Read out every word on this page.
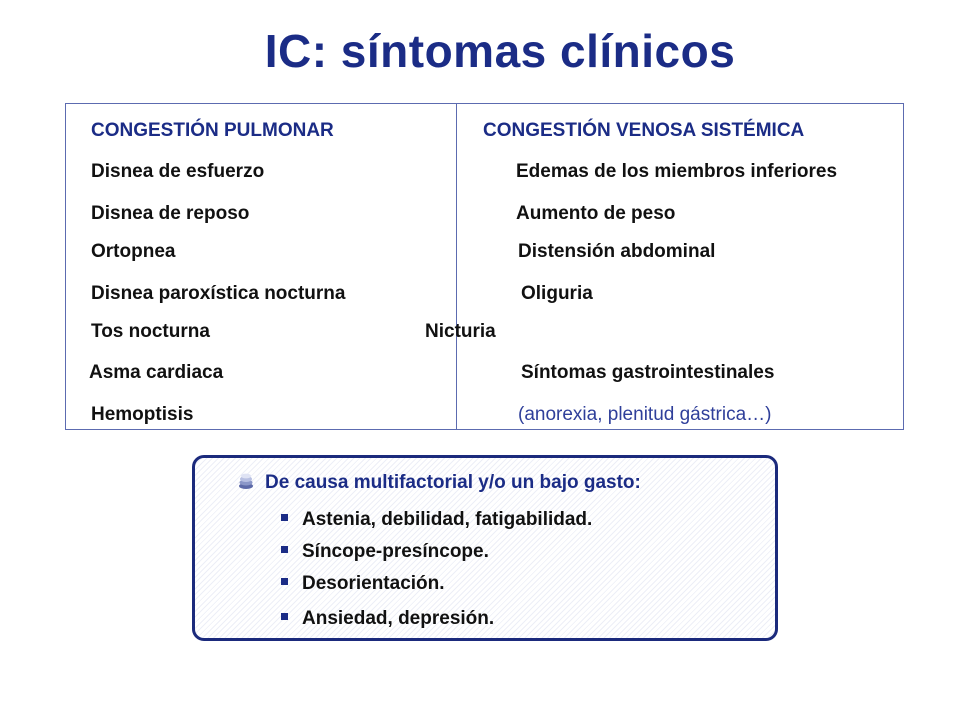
IC: síntomas clínicos
CONGESTIÓN PULMONAR	CONGESTIÓN VENOSA SISTÉMICA
Disnea de esfuerzo
Disnea de reposo
Ortopnea
Disnea paroxística nocturna
Tos nocturna
Asma cardiaca
Hemoptisis
Edemas de los miembros inferiores
Aumento de peso
Distensión abdominal
Oliguria
Nicturia
Síntomas gastrointestinales
(anorexia, plenitud gástrica…)
De causa multifactorial y/o un bajo gasto:
Astenia, debilidad, fatigabilidad.
Síncope-presíncope.
Desorientación.
Ansiedad, depresión.
